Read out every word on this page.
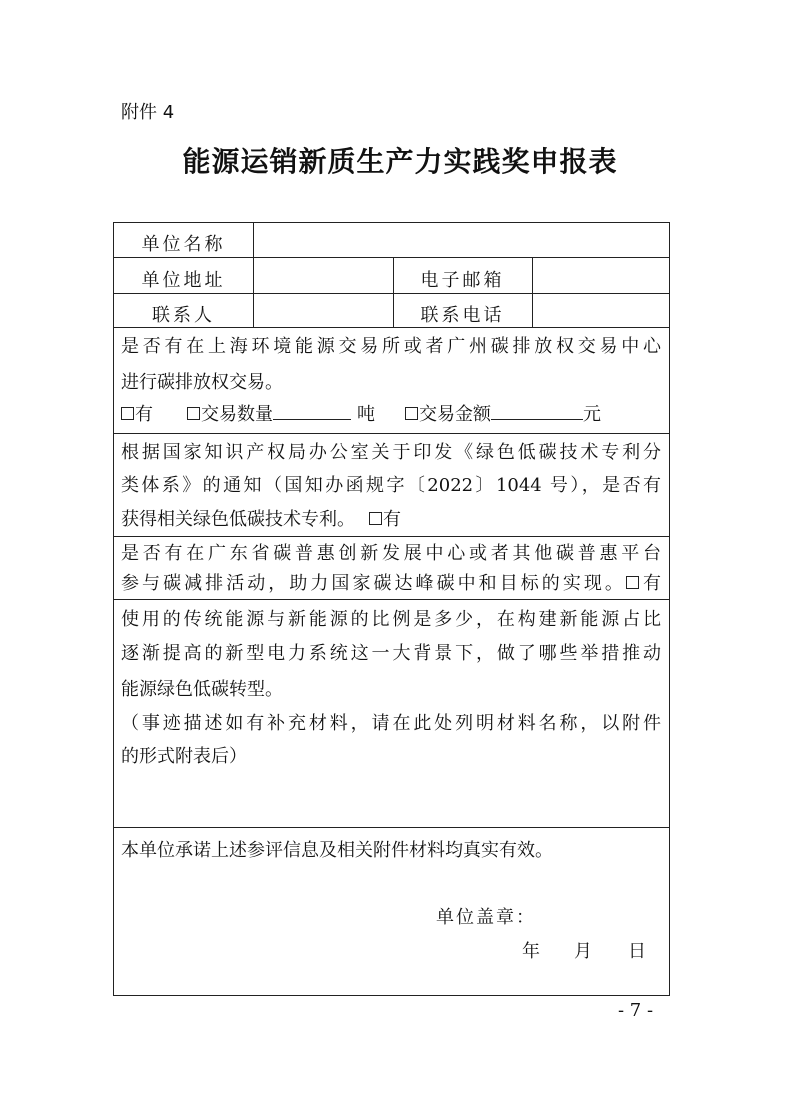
附件 4
能源运销新质生产力实践奖申报表
单位名称
单位地址	电子邮箱
联系人	联系电话
是否有在上海环境能源交易所或者广州碳排放权交易中心
进行碳排放权交易。
有	交易数量	吨 交易金额	元
根据国家知识产权局办公室关于印发《绿色低碳技术专利分
类体系》的通知（国知办函规字〔2022〕1044 号），是否有
获得相关绿色低碳技术专利。 有
是否有在广东省碳普惠创新发展中心或者其他碳普惠平台
参与碳减排活动，助力国家碳达峰碳中和目标的实现。 有
使用的传统能源与新能源的比例是多少，在构建新能源占比
逐渐提高的新型电力系统这一大背景下，做了哪些举措推动
能源绿色低碳转型。
（事迹描述如有补充材料，请在此处列明材料名称，以附件
的形式附表后）
本单位承诺上述参评信息及相关附件材料均真实有效。
单位盖章：
年 月 日
- 7 -
